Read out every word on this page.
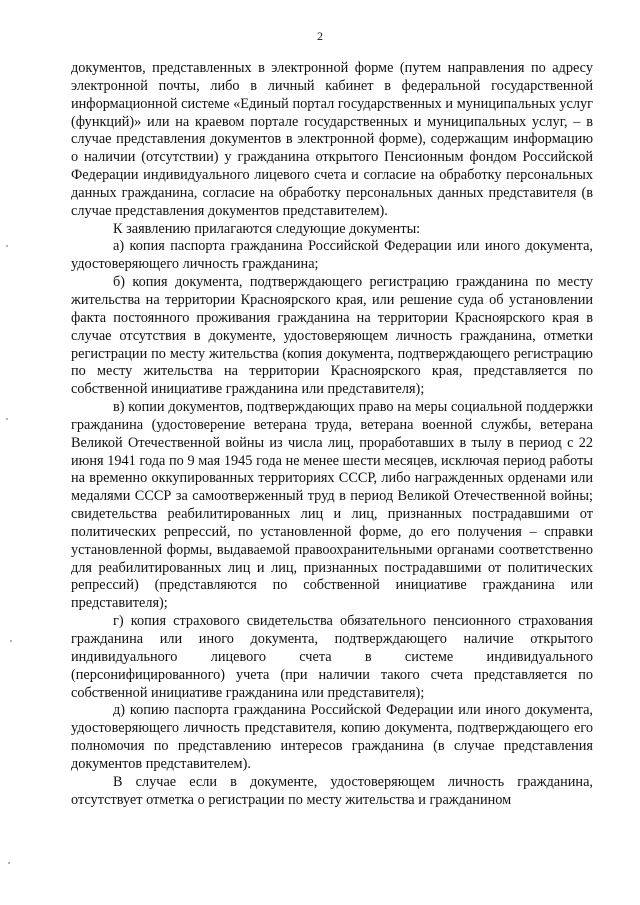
2

документов, представленных в электронной форме (путем направления по адресу электронной почты, либо в личный кабинет в федеральной государственной информационной системе «Единый портал государственных и муниципальных услуг (функций)» или на краевом портале государственных и муниципальных услуг, – в случае представления документов в электронной форме), содержащим информацию о наличии (отсутствии) у гражданина открытого Пенсионным фондом Российской Федерации индивидуального лицевого счета и согласие на обработку персональных данных гражданина, согласие на обработку персональных данных представителя (в случае представления документов представителем).

К заявлению прилагаются следующие документы:

а) копия паспорта гражданина Российской Федерации или иного документа, удостоверяющего личность гражданина;

б) копия документа, подтверждающего регистрацию гражданина по месту жительства на территории Красноярского края, или решение суда об установлении факта постоянного проживания гражданина на территории Красноярского края в случае отсутствия в документе, удостоверяющем личность гражданина, отметки регистрации по месту жительства (копия документа, подтверждающего регистрацию по месту жительства на территории Красноярского края, представляется по собственной инициативе гражданина или представителя);

в) копии документов, подтверждающих право на меры социальной поддержки гражданина (удостоверение ветерана труда, ветерана военной службы, ветерана Великой Отечественной войны из числа лиц, проработавших в тылу в период с 22 июня 1941 года по 9 мая 1945 года не менее шести месяцев, исключая период работы на временно оккупированных территориях СССР, либо награжденных орденами или медалями СССР за самоотверженный труд в период Великой Отечественной войны; свидетельства реабилитированных лиц и лиц, признанных пострадавшими от политических репрессий, по установленной форме, до его получения – справки установленной формы, выдаваемой правоохранительными органами соответственно для реабилитированных лиц и лиц, признанных пострадавшими от политических репрессий) (представляются по собственной инициативе гражданина или представителя);

г) копия страхового свидетельства обязательного пенсионного страхования гражданина или иного документа, подтверждающего наличие открытого индивидуального лицевого счета в системе индивидуального (персонифицированного) учета (при наличии такого счета представляется по собственной инициативе гражданина или представителя);

д) копию паспорта гражданина Российской Федерации или иного документа, удостоверяющего личность представителя, копию документа, подтверждающего его полномочия по представлению интересов гражданина (в случае представления документов представителем).

В случае если в документе, удостоверяющем личность гражданина, отсутствует отметка о регистрации по месту жительства и гражданином
